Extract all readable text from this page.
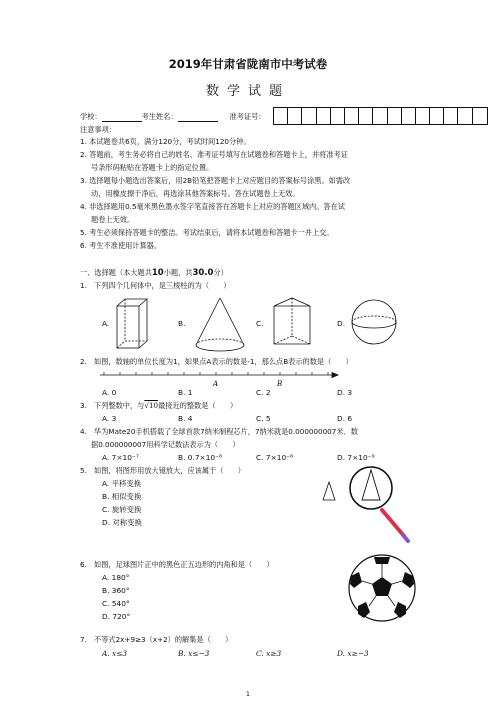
2019年甘肃省陇南市中考试卷
数学试题
学校：	考生姓名：	准考证号：
注意事项：
1. 本试题卷共6页，满分120分，考试时间120分钟。
2. 答题前，考生务必将自己的姓名、准考证号填写在试题卷和答题卡上，并将准考证
号条形码粘贴在答题卡上的指定位置。
3. 选择题每小题选出答案后，用2B铅笔把答题卡上对应题目的答案标号涂黑。如需改
动，用橡皮擦干净后，再选涂其他答案标号。答在试题卷上无效。
4. 非选择题用0.5毫米黑色墨水签字笔直接答在答题卡上对应的答题区域内。答在试
题卷上无效。
5. 考生必须保持答题卡的整洁。考试结束后，请将本试题卷和答题卡一并上交。
6. 考生不准使用计算器。
一、选择题（本大题共10小题，共30.0分）
1.　下列四个几何体中，是三棱柱的为（　　）
A.	B.	C.	D.
2.　如图，数轴的单位长度为1，如果点A表示的数是-1，那么点B表示的数是（　　）
A	B
A. 0	B. 1	C. 2	D. 3
3.　下列整数中，与√10最接近的整数是（　　）
A. 3	B. 4	C. 5	D. 6
4.　华为Mate20手机搭载了全球首款7纳米制程芯片，7纳米就是0.000000007米．数
据0.000000007用科学记数法表示为（　　）
A. 7×10⁻⁷	B. 0.7×10⁻⁸	C. 7×10⁻⁸	D. 7×10⁻⁹
5.　如图，将图形用放大镜放大，应该属于（　　）
A. 平移变换
B. 相似变换
C. 旋转变换
D. 对称变换
6.　如图，足球图片正中的黑色正五边形的内角和是（　　）
A. 180°
B. 360°
C. 540°
D. 720°
7.　不等式2x+9≥3（x+2）的解集是（　　）
A. x≤3	B. x≤−3	C. x≥3	D. x≥−3
1
